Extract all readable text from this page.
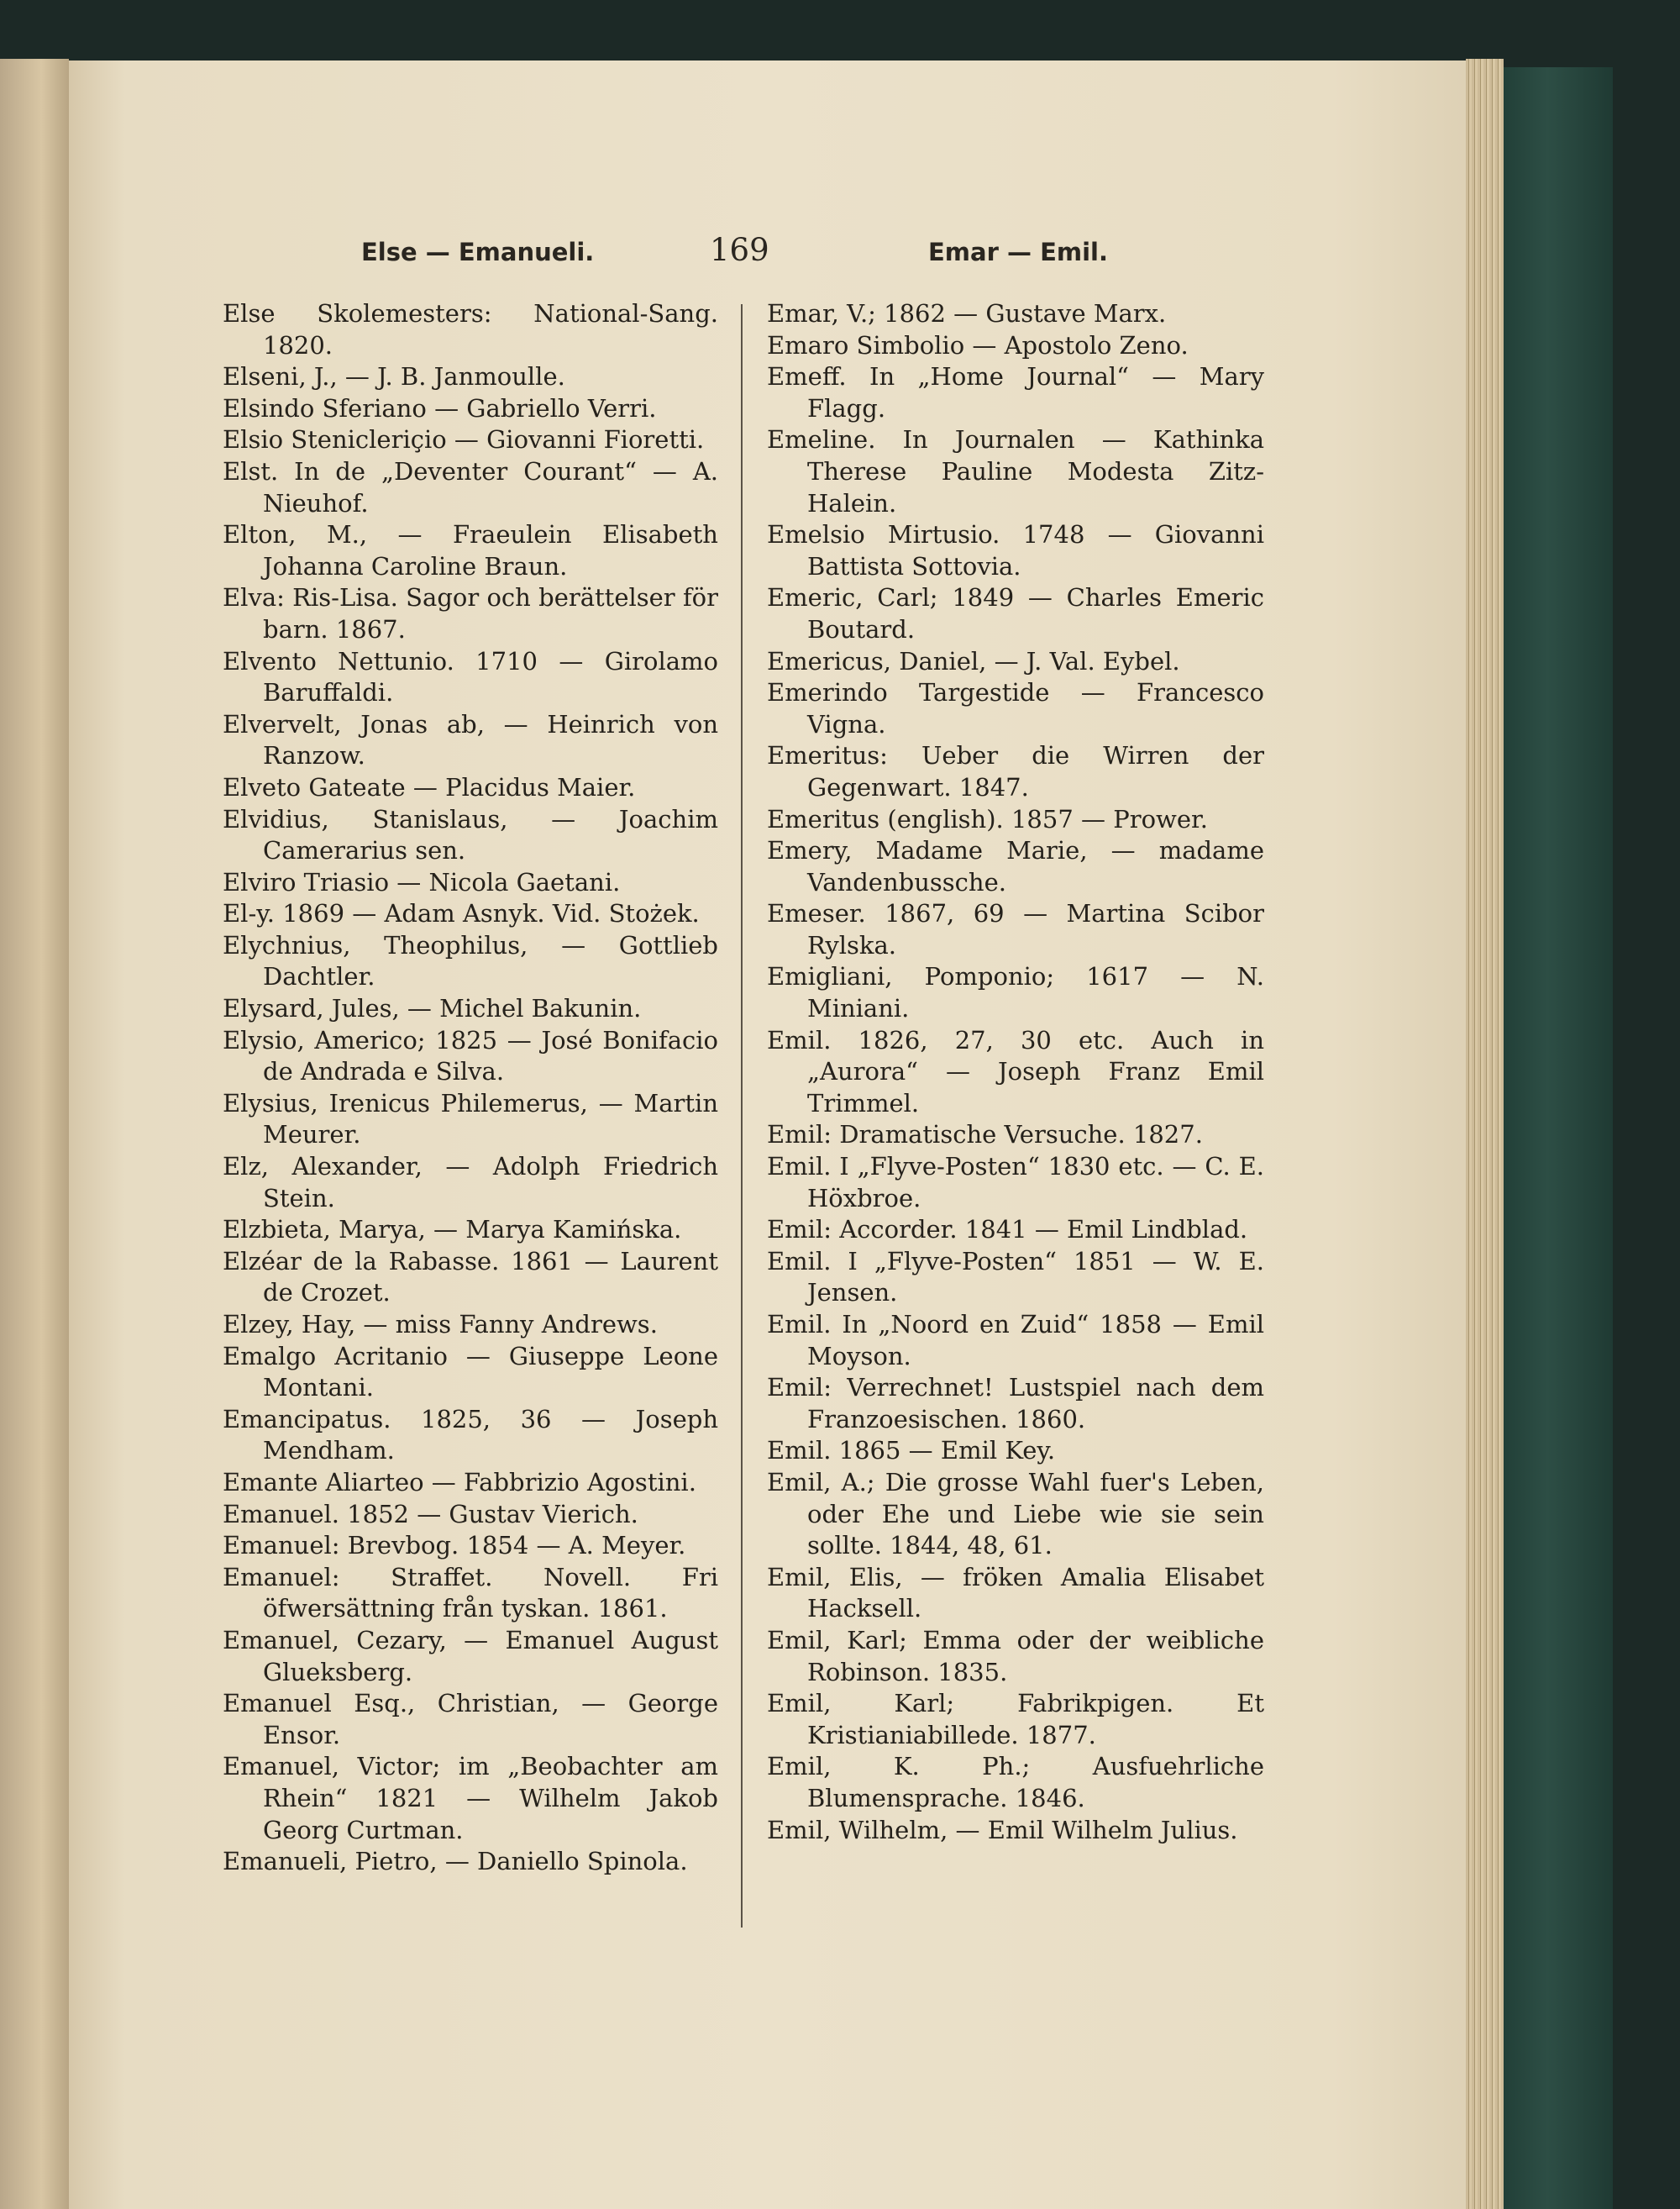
Else — Emanueli.	169	Emar — Emil.
Else Skolemesters: National-Sang. 1820.
Elseni, J., — J. B. Janmoulle.
Elsindo Sferiano — Gabriello Verri.
Elsio Stenicleriçio — Giovanni Fioretti.
Elst. In de „Deventer Courant“ — A. Nieuhof.
Elton, M., — Fraeulein Elisabeth Johanna Caroline Braun.
Elva: Ris-Lisa. Sagor och berättelser för barn. 1867.
Elvento Nettunio. 1710 — Girolamo Baruffaldi.
Elvervelt, Jonas ab, — Heinrich von Ranzow.
Elveto Gateate — Placidus Maier.
Elvidius, Stanislaus, — Joachim Camerarius sen.
Elviro Triasio — Nicola Gaetani.
El-y. 1869 — Adam Asnyk. Vid. Stożek.
Elychnius, Theophilus, — Gottlieb Dachtler.
Elysard, Jules, — Michel Bakunin.
Elysio, Americo; 1825 — José Bonifacio de Andrada e Silva.
Elysius, Irenicus Philemerus, — Martin Meurer.
Elz, Alexander, — Adolph Friedrich Stein.
Elzbieta, Marya, — Marya Kamińska.
Elzéar de la Rabasse. 1861 — Laurent de Crozet.
Elzey, Hay, — miss Fanny Andrews.
Emalgo Acritanio — Giuseppe Leone Montani.
Emancipatus. 1825, 36 — Joseph Mendham.
Emante Aliarteo — Fabbrizio Agostini.
Emanuel. 1852 — Gustav Vierich.
Emanuel: Brevbog. 1854 — A. Meyer.
Emanuel: Straffet. Novell. Fri öfwersättning från tyskan. 1861.
Emanuel, Cezary, — Emanuel August Glueksberg.
Emanuel Esq., Christian, — George Ensor.
Emanuel, Victor; im „Beobachter am Rhein“ 1821 — Wilhelm Jakob Georg Curtman.
Emanueli, Pietro, — Daniello Spinola.
Emar, V.; 1862 — Gustave Marx.
Emaro Simbolio — Apostolo Zeno.
Emeff. In „Home Journal“ — Mary Flagg.
Emeline. In Journalen — Kathinka Therese Pauline Modesta Zitz-Halein.
Emelsio Mirtusio. 1748 — Giovanni Battista Sottovia.
Emeric, Carl; 1849 — Charles Emeric Boutard.
Emericus, Daniel, — J. Val. Eybel.
Emerindo Targestide — Francesco Vigna.
Emeritus: Ueber die Wirren der Gegenwart. 1847.
Emeritus (english). 1857 — Prower.
Emery, Madame Marie, — madame Vandenbussche.
Emeser. 1867, 69 — Martina Scibor Rylska.
Emigliani, Pomponio; 1617 — N. Miniani.
Emil. 1826, 27, 30 etc. Auch in „Aurora“ — Joseph Franz Emil Trimmel.
Emil: Dramatische Versuche. 1827.
Emil. I „Flyve-Posten“ 1830 etc. — C. E. Höxbroe.
Emil: Accorder. 1841 — Emil Lindblad.
Emil. I „Flyve-Posten“ 1851 — W. E. Jensen.
Emil. In „Noord en Zuid“ 1858 — Emil Moyson.
Emil: Verrechnet! Lustspiel nach dem Franzoesischen. 1860.
Emil. 1865 — Emil Key.
Emil, A.; Die grosse Wahl fuer's Leben, oder Ehe und Liebe wie sie sein sollte. 1844, 48, 61.
Emil, Elis, — fröken Amalia Elisabet Hacksell.
Emil, Karl; Emma oder der weibliche Robinson. 1835.
Emil, Karl; Fabrikpigen. Et Kristianiabillede. 1877.
Emil, K. Ph.; Ausfuehrliche Blumensprache. 1846.
Emil, Wilhelm, — Emil Wilhelm Julius.
